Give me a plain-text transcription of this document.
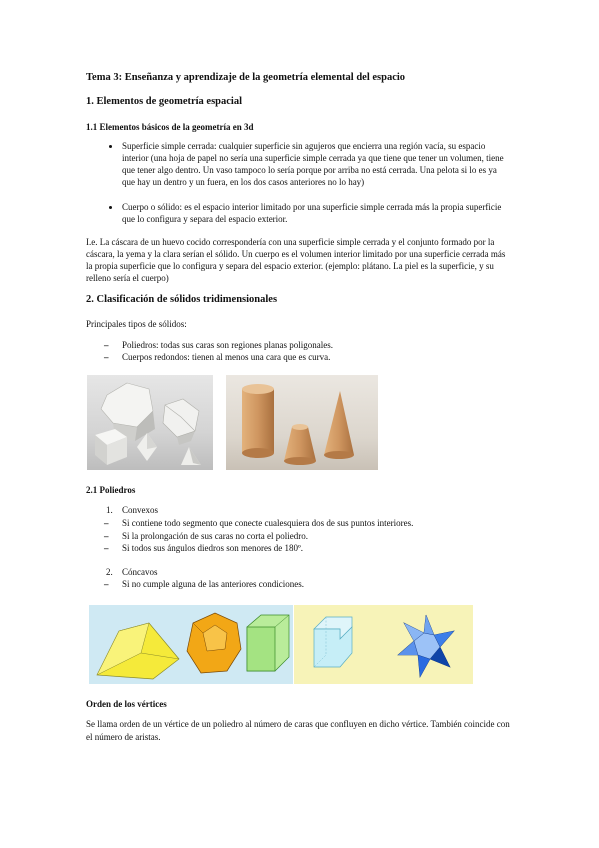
Tema 3: Enseñanza y aprendizaje de la geometría elemental del espacio
1. Elementos de geometría espacial
1.1 Elementos básicos de la geometría en 3d
Superficie simple cerrada: cualquier superficie sin agujeros que encierra una región vacía, su espacio
interior (una hoja de papel no sería una superficie simple cerrada ya que tiene que tener un volumen, tiene
que tener algo dentro. Un vaso tampoco lo sería porque por arriba no está cerrada. Una pelota si lo es ya
que hay un dentro y un fuera, en los dos casos anteriores no lo hay)
Cuerpo o sólido: es el espacio interior limitado por una superficie simple cerrada más la propia superficie
que lo configura y separa del espacio exterior.
I.e. La cáscara de un huevo cocido correspondería con una superficie simple cerrada y el conjunto formado por la
cáscara, la yema y la clara serían el sólido. Un cuerpo es el volumen interior limitado por una superficie cerrada más
la propia superficie que lo configura y separa del espacio exterior. (ejemplo: plátano. La piel es la superficie, y su
relleno sería el cuerpo)
2. Clasificación de sólidos tridimensionales
Principales tipos de sólidos:
– Poliedros: todas sus caras son regiones planas poligonales.
– Cuerpos redondos: tienen al menos una cara que es curva.
2.1 Poliedros
1. Convexos
– Si contiene todo segmento que conecte cualesquiera dos de sus puntos interiores.
– Si la prolongación de sus caras no corta el poliedro.
– Si todos sus ángulos diedros son menores de 180º.
2. Cóncavos
– Si no cumple alguna de las anteriores condiciones.
Orden de los vértices
Se llama orden de un vértice de un poliedro al número de caras que confluyen en dicho vértice. También coincide con
el número de aristas.
